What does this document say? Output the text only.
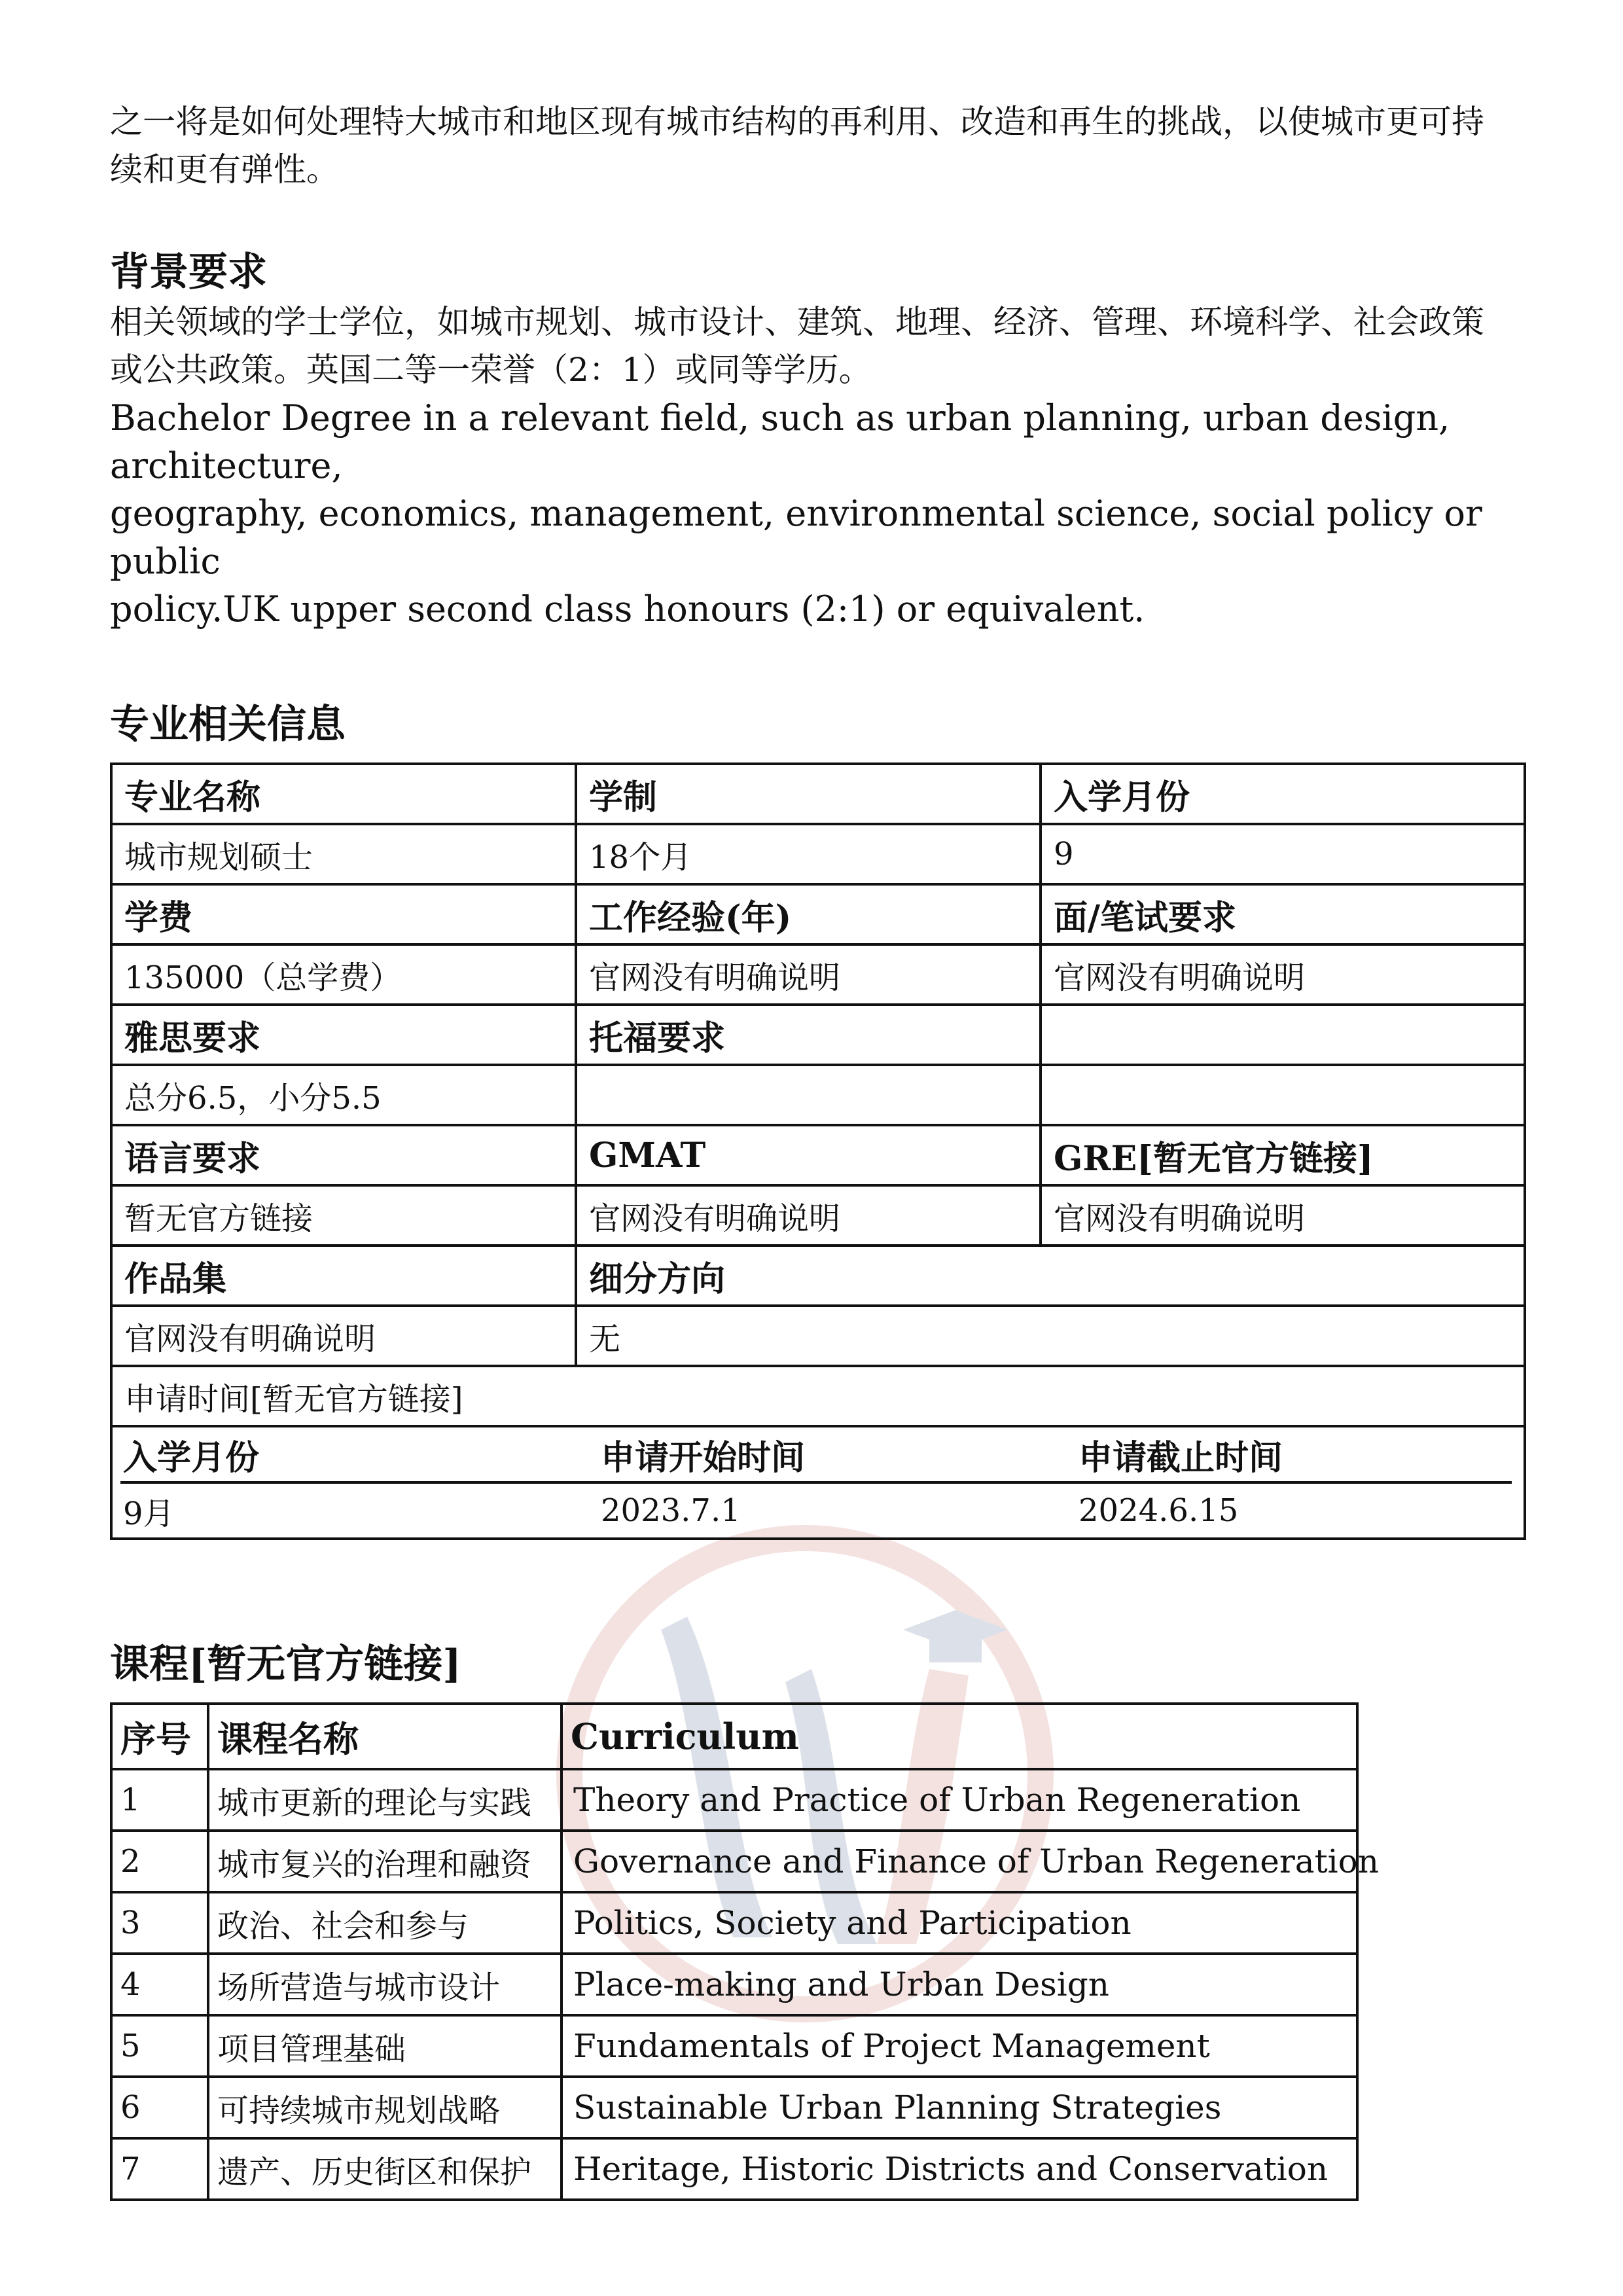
之一将是如何处理特大城市和地区现有城市结构的再利用、改造和再生的挑战，以使城市更可持

续和更有弹性。

背景要求

相关领域的学士学位，如城市规划、城市设计、建筑、地理、经济、管理、环境科学、社会政策

或公共政策。英国二等一荣誉（2：1）或同等学历。

Bachelor Degree in a relevant field, such as urban planning, urban design, architecture,

geography, economics, management, environmental science, social policy or public

policy.UK upper second class honours (2:1) or equivalent.

专业相关信息
专业名称	学制	入学月份
城市规划硕士	18个月	9
学费	工作经验(年)	面/笔试要求
135000（总学费）	官网没有明确说明	官网没有明确说明
雅思要求	托福要求	
总分6.5，小分5.5		
语言要求	GMAT	GRE[暂无官方链接]
暂无官方链接	官网没有明确说明	官网没有明确说明
作品集	细分方向
官网没有明确说明	无
申请时间[暂无官方链接]

入学月份	申请开始时间	申请截止时间
9月	2023.7.1	2024.6.15
课程[暂无官方链接]
序号	课程名称	Curriculum
1	城市更新的理论与实践	Theory and Practice of Urban Regeneration
2	城市复兴的治理和融资	Governance and Finance of Urban Regeneration
3	政治、社会和参与	Politics, Society and Participation
4	场所营造与城市设计	Place-making and Urban Design
5	项目管理基础	Fundamentals of Project Management
6	可持续城市规划战略	Sustainable Urban Planning Strategies
7	遗产、历史街区和保护	Heritage, Historic Districts and Conservation
